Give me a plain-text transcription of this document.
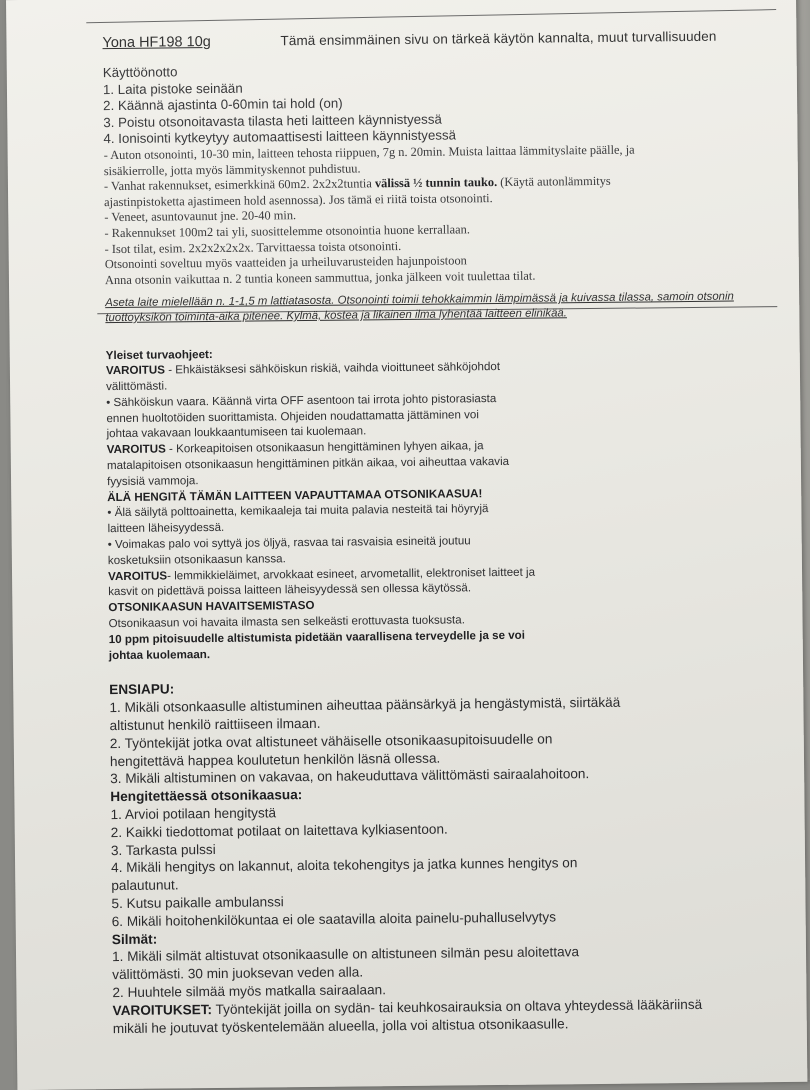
Yona HF198 10g	Tämä ensimmäinen sivu on tärkeä käytön kannalta, muut turvallisuuden

Käyttöönotto

1. Laita pistoke seinään

2. Käännä ajastinta 0-60min tai hold (on)

3. Poistu otsonoitavasta tilasta heti laitteen käynnistyessä

4. Ionisointi kytkeytyy automaattisesti laitteen käynnistyessä

- Auton otsonointi, 10-30 min, laitteen tehosta riippuen, 7g n. 20min. Muista laittaa lämmityslaite päälle, ja

sisäkierrolle, jotta myös lämmityskennot puhdistuu.

- Vanhat rakennukset, esimerkkinä 60m2. 2x2x2tuntia välissä ½ tunnin tauko. (Käytä autonlämmitys

ajastinpistoketta ajastimeen hold asennossa). Jos tämä ei riitä toista otsonointi.

- Veneet, asuntovaunut jne. 20-40 min.

- Rakennukset 100m2 tai yli, suosittelemme otsonointia huone kerrallaan.

- Isot tilat, esim. 2x2x2x2x2x. Tarvittaessa toista otsonointi.

Otsonointi soveltuu myös vaatteiden ja urheiluvarusteiden hajunpoistoon

Anna otsonin vaikuttaa n. 2 tuntia koneen sammuttua, jonka jälkeen voit tuulettaa tilat.

Aseta laite mielellään n. 1-1,5 m lattiatasosta. Otsonointi toimii tehokkaimmin lämpimässä ja kuivassa tilassa, samoin otsonin

tuottoyksikön toiminta-aika pitenee. Kylmä, kostea ja likainen ilma lyhentää laitteen elinikää.

Yleiset turvaohjeet:

VAROITUS - Ehkäistäksesi sähköiskun riskiä, vaihda vioittuneet sähköjohdot

välittömästi.

• Sähköiskun vaara. Käännä virta OFF asentoon tai irrota johto pistorasiasta

ennen huoltotöiden suorittamista. Ohjeiden noudattamatta jättäminen voi

johtaa vakavaan loukkaantumiseen tai kuolemaan.

VAROITUS - Korkeapitoisen otsonikaasun hengittäminen lyhyen aikaa, ja

matalapitoisen otsonikaasun hengittäminen pitkän aikaa, voi aiheuttaa vakavia

fyysisiä vammoja.

ÄLÄ HENGITÄ TÄMÄN LAITTEEN VAPAUTTAMAA OTSONIKAASUA!

• Älä säilytä polttoainetta, kemikaaleja tai muita palavia nesteitä tai höyryjä

laitteen läheisyydessä.

• Voimakas palo voi syttyä jos öljyä, rasvaa tai rasvaisia esineitä joutuu

kosketuksiin otsonikaasun kanssa.

VAROITUS- lemmikkieläimet, arvokkaat esineet, arvometallit, elektroniset laitteet ja

kasvit on pidettävä poissa laitteen läheisyydessä sen ollessa käytössä.

OTSONIKAASUN HAVAITSEMISTASO

Otsonikaasun voi havaita ilmasta sen selkeästi erottuvasta tuoksusta.

10 ppm pitoisuudelle altistumista pidetään vaarallisena terveydelle ja se voi

johtaa kuolemaan.

ENSIAPU:

1. Mikäli otsonkaasulle altistuminen aiheuttaa päänsärkyä ja hengästymistä, siirtäkää

altistunut henkilö raittiiseen ilmaan.

2. Työntekijät jotka ovat altistuneet vähäiselle otsonikaasupitoisuudelle on

hengitettävä happea koulutetun henkilön läsnä ollessa.

3. Mikäli altistuminen on vakavaa, on hakeuduttava välittömästi sairaalahoitoon.

Hengitettäessä otsonikaasua:

1. Arvioi potilaan hengitystä

2. Kaikki tiedottomat potilaat on laitettava kylkiasentoon.

3. Tarkasta pulssi

4. Mikäli hengitys on lakannut, aloita tekohengitys ja jatka kunnes hengitys on

palautunut.

5. Kutsu paikalle ambulanssi

6. Mikäli hoitohenkilökuntaa ei ole saatavilla aloita painelu-puhalluselvytys

Silmät:

1. Mikäli silmät altistuvat otsonikaasulle on altistuneen silmän pesu aloitettava

välittömästi. 30 min juoksevan veden alla.

2. Huuhtele silmää myös matkalla sairaalaan.

VAROITUKSET: Työntekijät joilla on sydän- tai keuhkosairauksia on oltava yhteydessä lääkäriinsä

mikäli he joutuvat työskentelemään alueella, jolla voi altistua otsonikaasulle.
